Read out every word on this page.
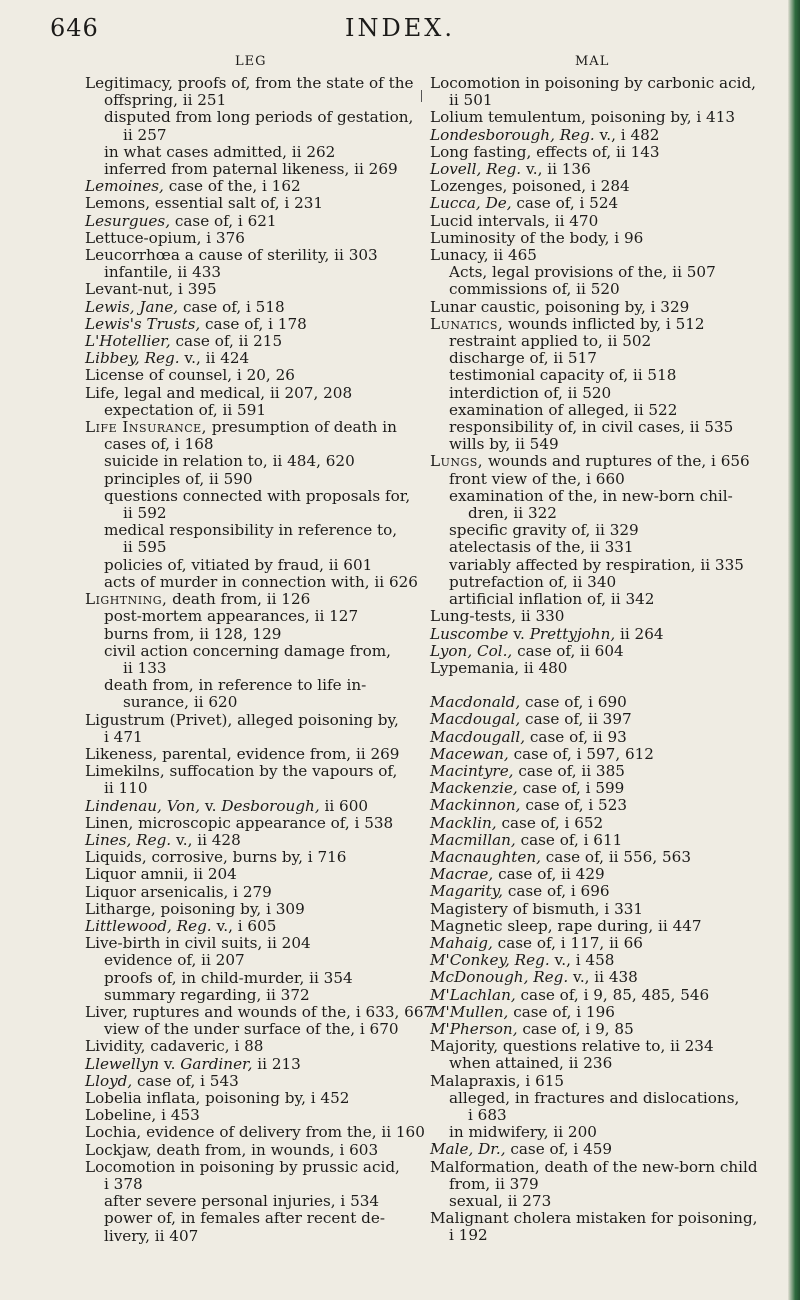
646	INDEX.
LEG	MAL
Legitimacy, proofs of, from the state of the
offspring, ii 251
disputed from long periods of gestation,
ii 257
in what cases admitted, ii 262
inferred from paternal likeness, ii 269
Lemoines, case of the, i 162
Lemons, essential salt of, i 231
Lesurgues, case of, i 621
Lettuce-opium, i 376
Leucorrhœa a cause of sterility, ii 303
infantile, ii 433
Levant-nut, i 395
Lewis, Jane, case of, i 518
Lewis's Trusts, case of, i 178
L'Hotellier, case of, ii 215
Libbey, Reg. v., ii 424
License of counsel, i 20, 26
Life, legal and medical, ii 207, 208
expectation of, ii 591
Life Insurance, presumption of death in
cases of, i 168
suicide in relation to, ii 484, 620
principles of, ii 590
questions connected with proposals for,
ii 592
medical responsibility in reference to,
ii 595
policies of, vitiated by fraud, ii 601
acts of murder in connection with, ii 626
Lightning, death from, ii 126
post-mortem appearances, ii 127
burns from, ii 128, 129
civil action concerning damage from,
ii 133
death from, in reference to life in-
surance, ii 620
Ligustrum (Privet), alleged poisoning by,
i 471
Likeness, parental, evidence from, ii 269
Limekilns, suffocation by the vapours of,
ii 110
Lindenau, Von, v. Desborough, ii 600
Linen, microscopic appearance of, i 538
Lines, Reg. v., ii 428
Liquids, corrosive, burns by, i 716
Liquor amnii, ii 204
Liquor arsenicalis, i 279
Litharge, poisoning by, i 309
Littlewood, Reg. v., i 605
Live-birth in civil suits, ii 204
evidence of, ii 207
proofs of, in child-murder, ii 354
summary regarding, ii 372
Liver, ruptures and wounds of the, i 633, 667
view of the under surface of the, i 670
Lividity, cadaveric, i 88
Llewellyn v. Gardiner, ii 213
Lloyd, case of, i 543
Lobelia inflata, poisoning by, i 452
Lobeline, i 453
Lochia, evidence of delivery from the, ii 160
Lockjaw, death from, in wounds, i 603
Locomotion in poisoning by prussic acid,
i 378
after severe personal injuries, i 534
power of, in females after recent de-
livery, ii 407
Locomotion in poisoning by carbonic acid,
ii 501
Lolium temulentum, poisoning by, i 413
Londesborough, Reg. v., i 482
Long fasting, effects of, ii 143
Lovell, Reg. v., ii 136
Lozenges, poisoned, i 284
Lucca, De, case of, i 524
Lucid intervals, ii 470
Luminosity of the body, i 96
Lunacy, ii 465
Acts, legal provisions of the, ii 507
commissions of, ii 520
Lunar caustic, poisoning by, i 329
Lunatics, wounds inflicted by, i 512
restraint applied to, ii 502
discharge of, ii 517
testimonial capacity of, ii 518
interdiction of, ii 520
examination of alleged, ii 522
responsibility of, in civil cases, ii 535
wills by, ii 549
Lungs, wounds and ruptures of the, i 656
front view of the, i 660
examination of the, in new-born chil-
dren, ii 322
specific gravity of, ii 329
atelectasis of the, ii 331
variably affected by respiration, ii 335
putrefaction of, ii 340
artificial inflation of, ii 342
Lung-tests, ii 330
Luscombe v. Prettyjohn, ii 264
Lyon, Col., case of, ii 604
Lypemania, ii 480
Macdonald, case of, i 690
Macdougal, case of, ii 397
Macdougall, case of, ii 93
Macewan, case of, i 597, 612
Macintyre, case of, ii 385
Mackenzie, case of, i 599
Mackinnon, case of, i 523
Macklin, case of, i 652
Macmillan, case of, i 611
Macnaughten, case of, ii 556, 563
Macrae, case of, ii 429
Magarity, case of, i 696
Magistery of bismuth, i 331
Magnetic sleep, rape during, ii 447
Mahaig, case of, i 117, ii 66
M'Conkey, Reg. v., i 458
McDonough, Reg. v., ii 438
M'Lachlan, case of, i 9, 85, 485, 546
M'Mullen, case of, i 196
M'Pherson, case of, i 9, 85
Majority, questions relative to, ii 234
when attained, ii 236
Malapraxis, i 615
alleged, in fractures and dislocations,
i 683
in midwifery, ii 200
Male, Dr., case of, i 459
Malformation, death of the new-born child
from, ii 379
sexual, ii 273
Malignant cholera mistaken for poisoning,
i 192
